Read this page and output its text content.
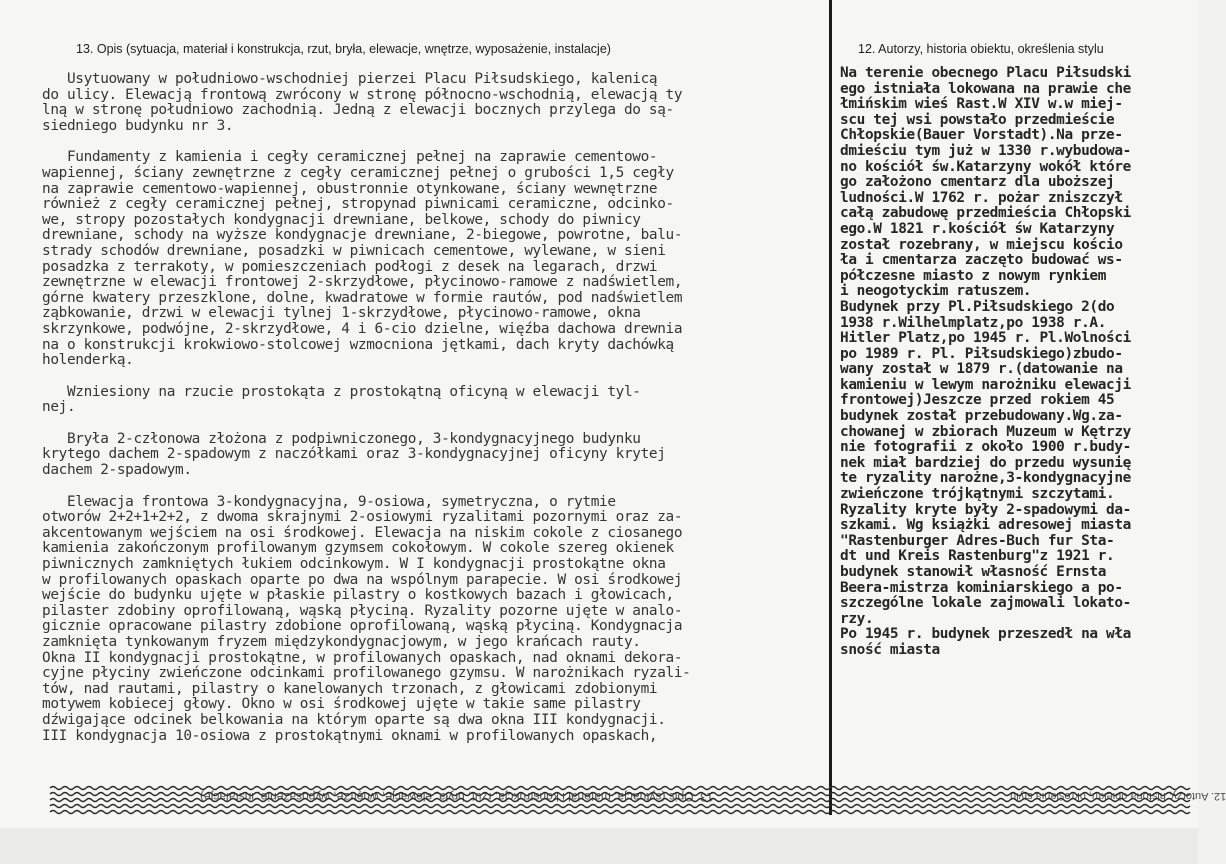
13. Opis (sytuacja, materiał i konstrukcja, rzut, bryła, elewacje, wnętrze, wyposażenie, instalacje)	12. Autorzy, historia obiektu, określenia stylu
Usytuowany w południowo-wschodniej pierzei Placu Piłsudskiego, kalenicą
do ulicy. Elewacją frontową zwrócony w stronę północno-wschodnią, elewacją ty
lną w stronę południowo zachodnią. Jedną z elewacji bocznych przylega do są-
siedniego budynku nr 3.
Fundamenty z kamienia i cegły ceramicznej pełnej na zaprawie cementowo-
wapiennej, ściany zewnętrzne z cegły ceramicznej pełnej o grubości 1,5 cegły
na zaprawie cementowo-wapiennej, obustronnie otynkowane, ściany wewnętrzne
również z cegły ceramicznej pełnej, stropynad piwnicami ceramiczne, odcinko-
we, stropy pozostałych kondygnacji drewniane, belkowe, schody do piwnicy
drewniane, schody na wyższe kondygnacje drewniane, 2-biegowe, powrotne, balu-
strady schodów drewniane, posadzki w piwnicach cementowe, wylewane, w sieni
posadzka z terrakoty, w pomieszczeniach podłogi z desek na legarach, drzwi
zewnętrzne w elewacji frontowej 2-skrzydłowe, płycinowo-ramowe z nadświetlem,
górne kwatery przeszklone, dolne, kwadratowe w formie rautów, pod nadświetlem
ząbkowanie, drzwi w elewacji tylnej 1-skrzydłowe, płycinowo-ramowe, okna
skrzynkowe, podwójne, 2-skrzydłowe, 4 i 6-cio dzielne, więźba dachowa drewnia
na o konstrukcji krokwiowo-stolcowej wzmocniona jętkami, dach kryty dachówką
holenderką.
Wzniesiony na rzucie prostokąta z prostokątną oficyną w elewacji tyl-
nej.
Bryła 2-członowa złożona z podpiwniczonego, 3-kondygnacyjnego budynku
krytego dachem 2-spadowym z naczółkami oraz 3-kondygnacyjnej oficyny krytej
dachem 2-spadowym.
Elewacja frontowa 3-kondygnacyjna, 9-osiowa, symetryczna, o rytmie
otworów 2+2+1+2+2, z dwoma skrajnymi 2-osiowymi ryzalitami pozornymi oraz za-
akcentowanym wejściem na osi środkowej. Elewacja na niskim cokole z ciosanego
kamienia zakończonym profilowanym gzymsem cokołowym. W cokole szereg okienek
piwnicznych zamkniętych łukiem odcinkowym. W I kondygnacji prostokątne okna
w profilowanych opaskach oparte po dwa na wspólnym parapecie. W osi środkowej
wejście do budynku ujęte w płaskie pilastry o kostkowych bazach i głowicach,
pilaster zdobiny oprofilowaną, wąską płyciną. Ryzality pozorne ujęte w analo-
gicznie opracowane pilastry zdobione oprofilowaną, wąską płyciną. Kondygnacja
zamknięta tynkowanym fryzem międzykondygnacjowym, w jego krańcach rauty.
Okna II kondygnacji prostokątne, w profilowanych opaskach, nad oknami dekora-
cyjne płyciny zwieńczone odcinkami profilowanego gzymsu. W narożnikach ryzali-
tów, nad rautami, pilastry o kanelowanych trzonach, z głowicami zdobionymi
motywem kobiecej głowy. Okno w osi środkowej ujęte w takie same pilastry
dźwigające odcinek belkowania na którym oparte są dwa okna III kondygnacji.
III kondygnacja 10-osiowa z prostokątnymi oknami w profilowanych opaskach,
Na terenie obecnego Placu Piłsudski
ego istniała lokowana na prawie che
łmińskim wieś Rast.W XIV w.w miej-
scu tej wsi powstało przedmieście
Chłopskie(Bauer Vorstadt).Na prze-
dmieściu tym już w 1330 r.wybudowa-
no kościół św.Katarzyny wokół które
go założono cmentarz dla uboższej
ludności.W 1762 r. pożar zniszczył
całą zabudowę przedmieścia Chłopski
ego.W 1821 r.kościół św Katarzyny
został rozebrany, w miejscu kościo
ła i cmentarza zaczęto budować ws-
półczesne miasto z nowym rynkiem
i neogotyckim ratuszem.
Budynek przy Pl.Piłsudskiego 2(do
1938 r.Wilhelmplatz,po 1938 r.A.
Hitler Platz,po 1945 r. Pl.Wolności
po 1989 r. Pl. Piłsudskiego)zbudo-
wany został w 1879 r.(datowanie na
kamieniu w lewym narożniku elewacji
frontowej)Jeszcze przed rokiem 45
budynek został przebudowany.Wg.za-
chowanej w zbiorach Muzeum w Kętrzy
nie fotografii z około 1900 r.budy-
nek miał bardziej do przedu wysunię
te ryzality narożne,3-kondygnacyjne
zwieńczone trójkątnymi szczytami.
Ryzality kryte były 2-spadowymi da-
szkami. Wg książki adresowej miasta
"Rastenburger Adres-Buch fur Sta-
dt und Kreis Rastenburg"z 1921 r.
budynek stanowił własność Ernsta
Beera-mistrza kominiarskiego a po-
szczególne lokale zajmowali lokato-
rzy.
Po 1945 r. budynek przeszedł na wła
sność miasta
13. Opis (sytuacja, materiał i konstrukcja, rzut, bryła, elewacje, wnętrze, wyposażenie, instalacje)	12. Autorzy, historia obiektu, określenia stylu
